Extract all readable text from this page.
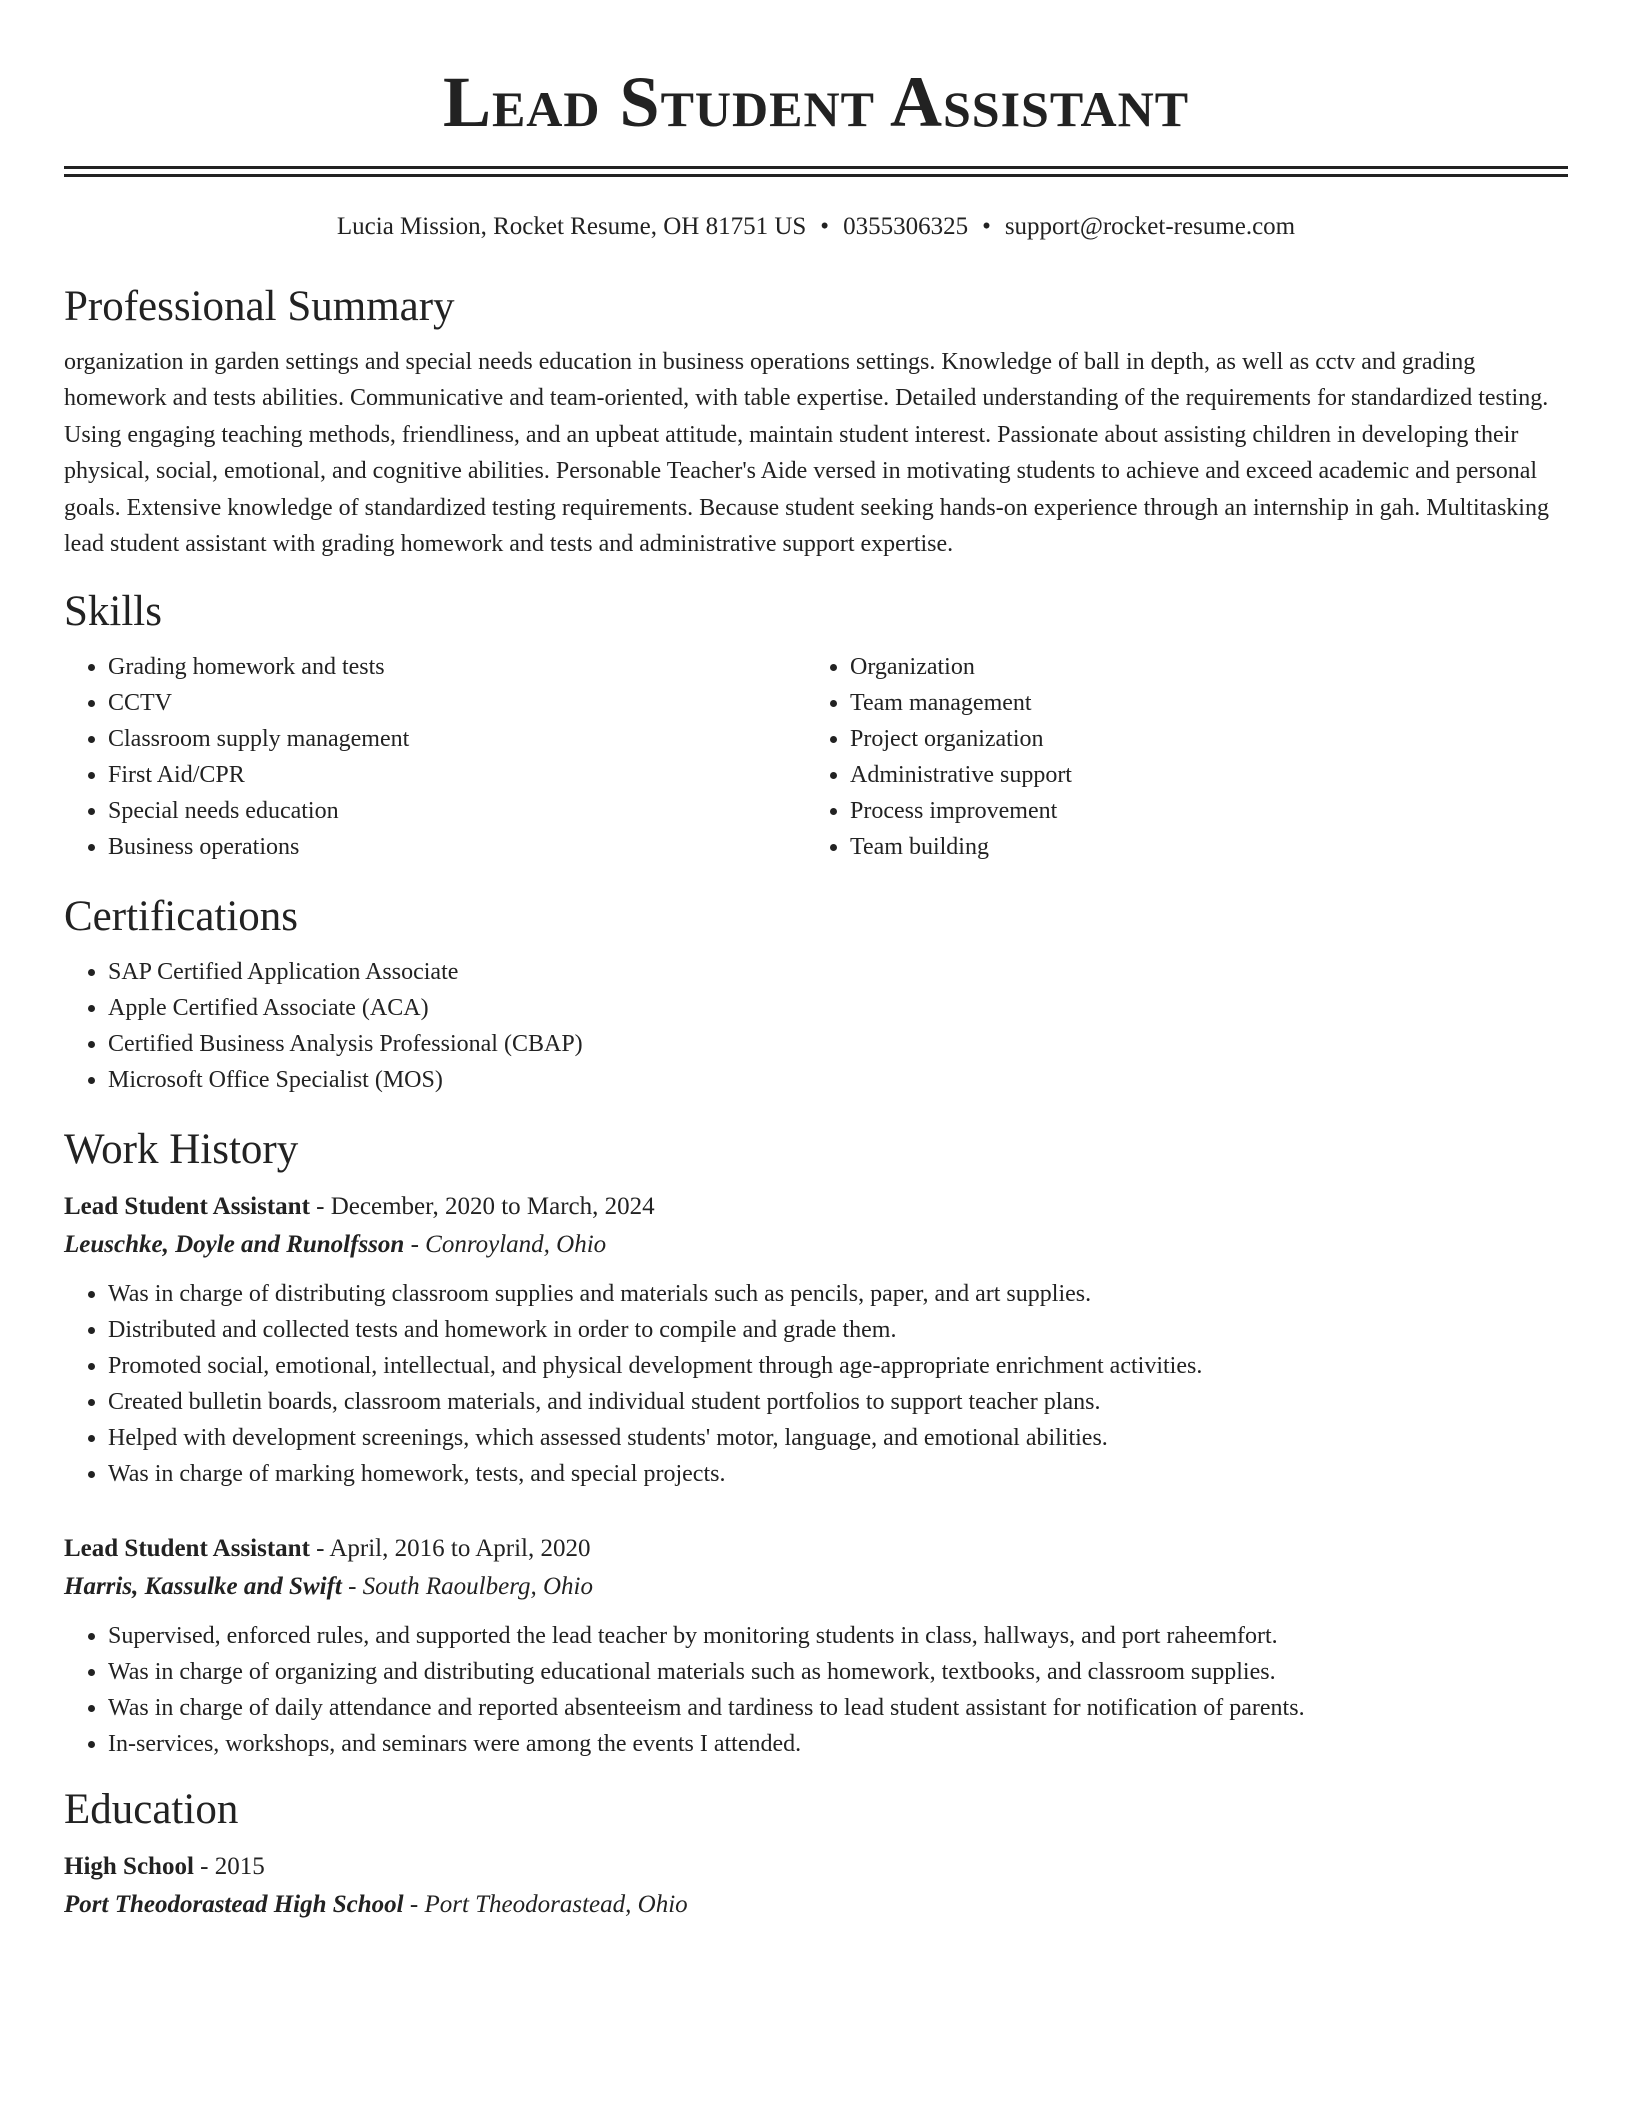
Lead Student Assistant
Lucia Mission, Rocket Resume, OH 81751 US • 0355306325 • support@rocket-resume.com
Professional Summary

organization in garden settings and special needs education in business operations settings. Knowledge of ball in depth, as well as cctv and grading homework and tests abilities. Communicative and team-oriented, with table expertise. Detailed understanding of the requirements for standardized testing. Using engaging teaching methods, friendliness, and an upbeat attitude, maintain student interest. Passionate about assisting children in developing their physical, social, emotional, and cognitive abilities. Personable Teacher's Aide versed in motivating students to achieve and exceed academic and personal goals. Extensive knowledge of standardized testing requirements. Because student seeking hands-on experience through an internship in gah. Multitasking lead student assistant with grading homework and tests and administrative support expertise.

Skills
• Grading homework and tests
• CCTV
• Classroom supply management
• First Aid/CPR
• Special needs education
• Business operations
• Organization
• Team management
• Project organization
• Administrative support
• Process improvement
• Team building
Certifications
• SAP Certified Application Associate
• Apple Certified Associate (ACA)
• Certified Business Analysis Professional (CBAP)
• Microsoft Office Specialist (MOS)
Work History
Lead Student Assistant - December, 2020 to March, 2024
Leuschke, Doyle and Runolfsson - Conroyland, Ohio
• Was in charge of distributing classroom supplies and materials such as pencils, paper, and art supplies.
• Distributed and collected tests and homework in order to compile and grade them.
• Promoted social, emotional, intellectual, and physical development through age-appropriate enrichment activities.
• Created bulletin boards, classroom materials, and individual student portfolios to support teacher plans.
• Helped with development screenings, which assessed students' motor, language, and emotional abilities.
• Was in charge of marking homework, tests, and special projects.
Lead Student Assistant - April, 2016 to April, 2020
Harris, Kassulke and Swift - South Raoulberg, Ohio
• Supervised, enforced rules, and supported the lead teacher by monitoring students in class, hallways, and port raheemfort.
• Was in charge of organizing and distributing educational materials such as homework, textbooks, and classroom supplies.
• Was in charge of daily attendance and reported absenteeism and tardiness to lead student assistant for notification of parents.
• In-services, workshops, and seminars were among the events I attended.
Education
High School - 2015
Port Theodorastead High School - Port Theodorastead, Ohio
